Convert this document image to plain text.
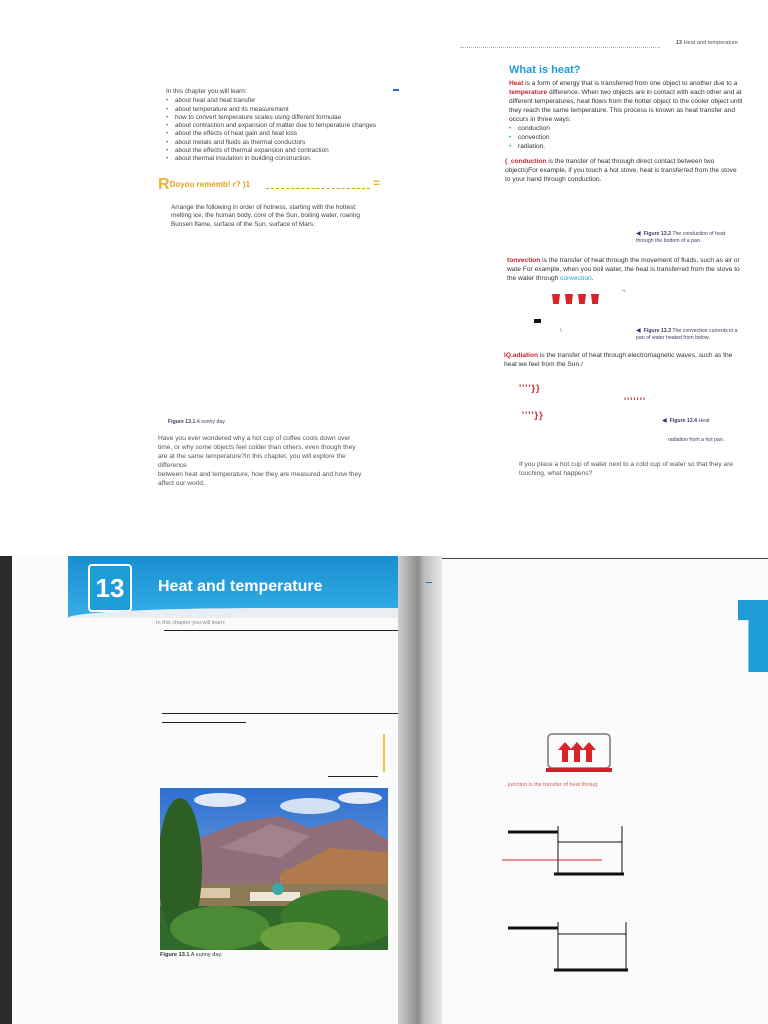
In this chapter you will learn:
• about heat and heat transfer
• about temperature and its measurement
• how to convert temperature scales using different formulae
• about contraction and expansion of matter due to temperature changes
• about the effects of heat gain and heat loss
• about metals and fluids as thermal conductors
• about the effects of thermal expansion and contraction
• about thermal insulation in building construction.
RDoyou rememb! r? )1	=
Arrange the following in order of hotness, starting with the hottest: melting ice, the human body, core of the Sun, boiling water, roaring Bunsen flame, surface of the Sun, surface of Mars.
Figure 13.1 A sunny day.
Have you ever wondered why a hot cup of coffee cools down over
time, or why some objects feel colder than others, even though they
are at the same temperature?In this chapter, you will explore the
difference
between heat and temperature, how they are measured and how they
affect our world.
13 Heat and temperature
What is heat?
Heat is a form of energy that is transferred from one object to another due to a temperature difference. When two objects are in contact with each other and at different temperatures, heat flows from the hotter object to the cooler object until they reach the same temperature. This process is known as heat transfer and occurs in three ways:
• conduction
• convection
• radiation.
(_conduction is the transfer of heat through direct contact between two objects)For example, if you touch a hot stove, heat is transferred from the stove to your hand through conduction.
◀ Figure 13.2 The conduction of heat through the bottom of a pan.
tonvection is the transfer of heat through the movement of fluids, such as air or wate For example, when you boil water, the heat is transferred from the stove to the water through convection.
¬
\.	◀ Figure 13.3 The convection currents in a pan of water heated from below.
lQ.adiation is the transfer of heat through electromagnetic waves, such as the heat we feel from the Sun./
''''}}
'''''''
''''}}
◀ Figure 13.4 Heat
radiation from a hot pan.
If you place a hot cup of water next to a cold cup of water so that they are touching, what happens?
13	Heat and temperature
In this chapter you will learn:
Figure 13.1 A sunny day.
junction is the transfer of heat throug
